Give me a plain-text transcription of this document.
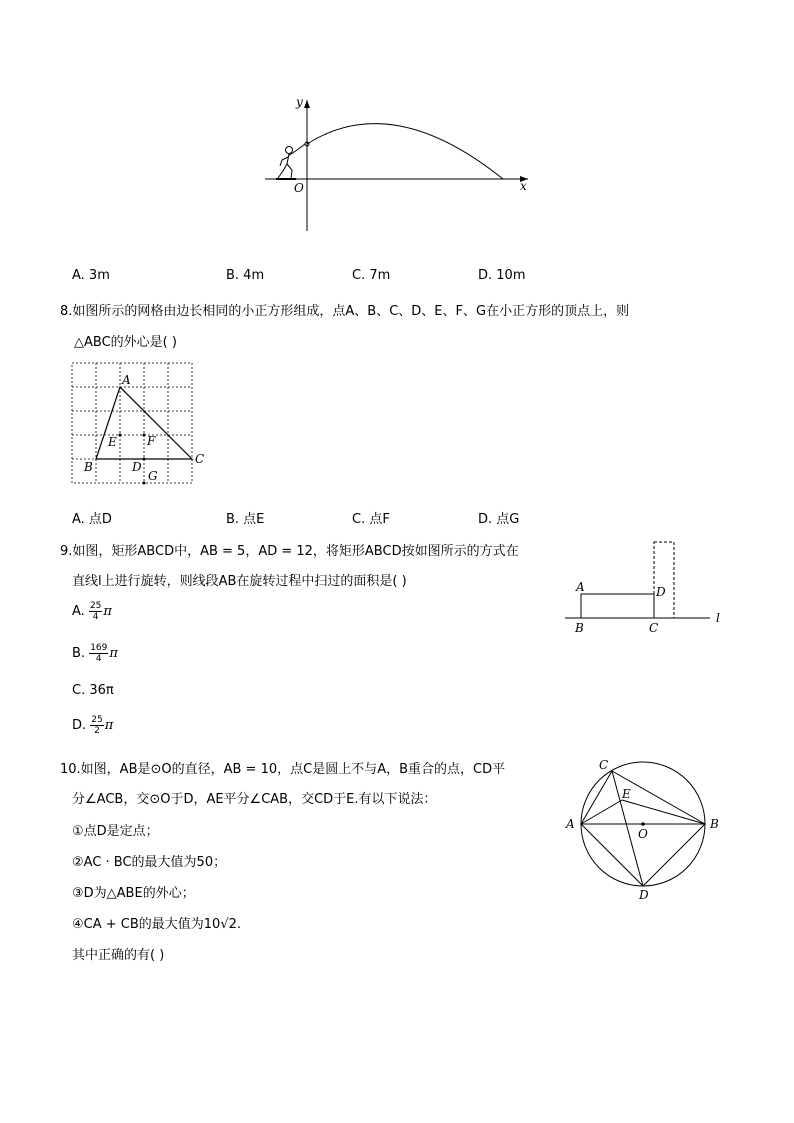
y
x
O
A. 3m	B. 4m	C. 7m	D. 10m
8.如图所示的网格由边长相同的小正方形组成，点A、B、C、D、E、F、G在小正方形的顶点上，则
△ABC的外心是( )
A
B
C
E	F
D
G
A. 点D	B. 点E	C. 点F	D. 点G
9.如图，矩形ABCD中，AB = 5，AD = 12，将矩形ABCD按如图所示的方式在
直线l上进行旋转，则线段AB在旋转过程中扫过的面积是( )	A	D
B	C
l
A. $\frac{25}{4}$ π
B. $\frac{169}{4}$ π
C. 36π
D. $\frac{25}{2}$ π
10.如图，AB是⊙O的直径，AB = 10，点C是圆上不与A，B重合的点，CD平
分∠ACB，交⊙O于D，AE平分∠CAB，交CD于E.有以下说法：
①点D是定点；
②AC · BC的最大值为50；
③D为△ABE的外心；
④CA + CB的最大值为10√2.
其中正确的有( )
C
E
A	B
O
D
